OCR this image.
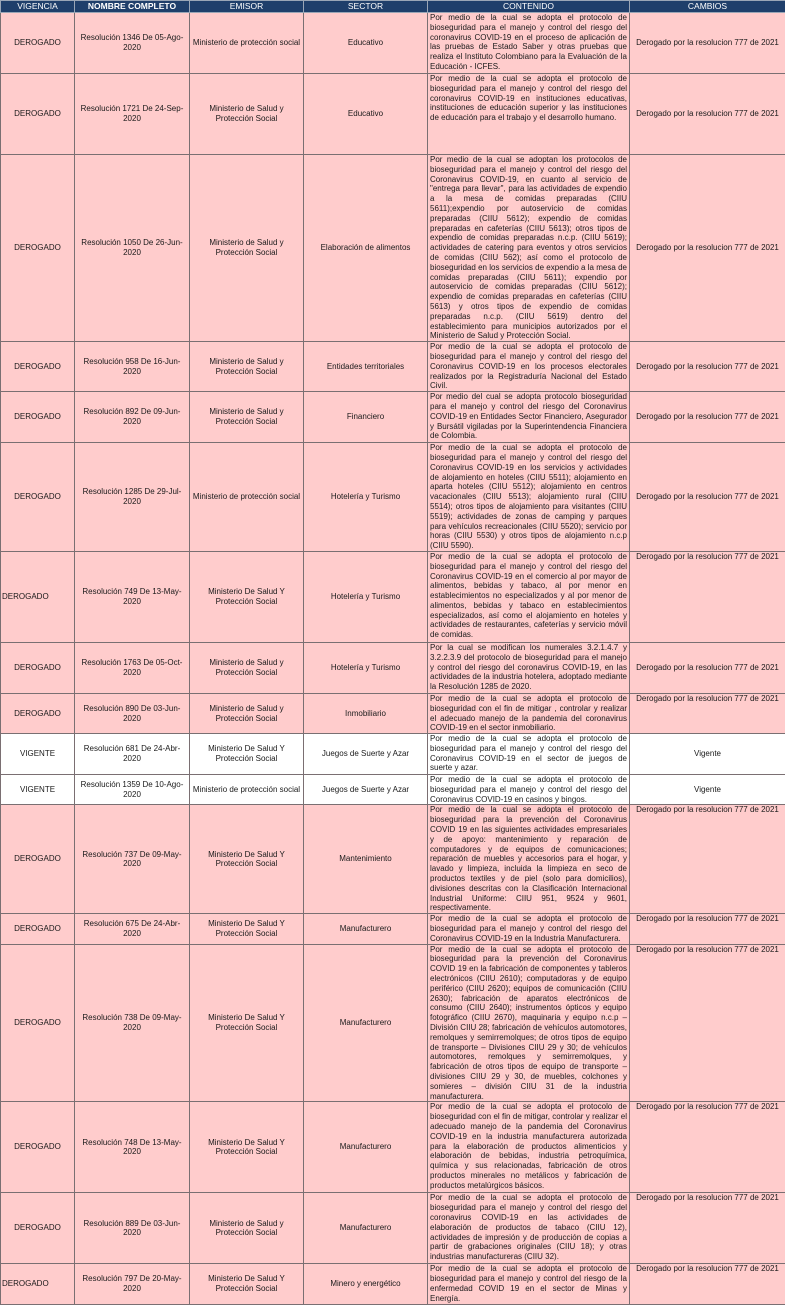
VIGENCIA	NOMBRE COMPLETO	EMISOR	SECTOR	CONTENIDO	CAMBIOS
DEROGADO	Resolución 1346 De 05-Ago-2020	Ministerio de protección social	Educativo	Por medio de la cual se adopta el protocolo de bioseguridad para el manejo y control del riesgo del coronavirus COVID-19 en el proceso de aplicación de las pruebas de Estado Saber y otras pruebas que realiza el Instituto Colombiano para la Evaluación de la Educación - ICFES.	Derogado por la resolucion 777 de 2021
DEROGADO	Resolución 1721 De 24-Sep-2020	Ministerio de Salud y Protección Social	Educativo	Por medio de la cual se adopta el protocolo de bioseguridad para el manejo y control del riesgo del coronavirus COVID-19 en instituciones educativas, instituciones de educación superior y las instituciones de educación para el trabajo y el desarrollo humano.	Derogado por la resolucion 777 de 2021
DEROGADO	Resolución 1050 De 26-Jun-2020	Ministerio de Salud y Protección Social	Elaboración de alimentos	Por medio de la cual se adoptan los protocolos de bioseguridad para el manejo y control del riesgo del Coronavirus COVID-19, en cuanto al servicio de "entrega para llevar", para las actividades de expendio a la mesa de comidas preparadas (CIIU 5611);expendio por autoservicio de comidas preparadas (CIIU 5612); expendio de comidas preparadas en cafeterías (CIIU 5613); otros tipos de expendio de comidas preparadas n.c.p. (CIIU 5619); actividades de catering para eventos y otros servicios de comidas (CIIU 562); así como el protocolo de bioseguridad en los servicios de expendio a la mesa de comidas preparadas (CIIU 5611); expendio por autoservicio de comidas preparadas (CIIU 5612); expendio de comidas preparadas en cafeterías (CIIU 5613) y otros tipos de expendio de comidas preparadas n.c.p. (CIIU 5619) dentro del establecimiento para municipios autorizados por el Ministerio de Salud y Protección Social.	Derogado por la resolucion 777 de 2021
DEROGADO	Resolución 958 De 16-Jun-2020	Ministerio de Salud y Protección Social	Entidades territoriales	Por medio de la cual se adopta el protocolo de bioseguridad para el manejo y control del riesgo del Coronavirus COVID-19 en los procesos electorales realizados por la Registraduría Nacional del Estado Civil.	Derogado por la resolucion 777 de 2021
DEROGADO	Resolución 892 De 09-Jun-2020	Ministerio de Salud y Protección Social	Financiero	Por medio del cual se adopta protocolo bioseguridad para el manejo y control del riesgo del Coronavirus COVID-19 en Entidades Sector Financiero, Asegurador y Bursátil vigiladas por la Superintendencia Financiera de Colombia.	Derogado por la resolucion 777 de 2021
DEROGADO	Resolución 1285 De 29-Jul-2020	Ministerio de protección social	Hotelería y Turismo	Por medio de la cual se adopta el protocolo de bioseguridad para el manejo y control del riesgo del Coronavirus COVID-19 en los servicios y actividades de alojamiento en hoteles (CIIU 5511); alojamiento en aparta hoteles (CIIU 5512); alojamiento en centros vacacionales (CIIU 5513); alojamiento rural (CIIU 5514); otros tipos de alojamiento para visitantes (CIIU 5519); actividades de zonas de camping y parques para vehículos recreacionales (CIIU 5520); servicio por horas (CIIU 5530) y otros tipos de alojamiento n.c.p (CIIU 5590).	Derogado por la resolucion 777 de 2021
DEROGADO	Resolución 749 De 13-May-2020	Ministerio De Salud Y Protección Social	Hotelería y Turismo	Por medio de la cual se adopta el protocolo de bioseguridad para el manejo y control del riesgo del Coronavirus COVID-19 en el comercio al por mayor de alimentos, bebidas y tabaco, al por menor en establecimientos no especializados y al por menor de alimentos, bebidas y tabaco en establecimientos especializados, así como el alojamiento en hoteles y actividades de restaurantes, cafeterías y servicio móvil de comidas.	Derogado por la resolucion 777 de 2021
DEROGADO	Resolución 1763 De 05-Oct-2020	Ministerio de Salud y Protección Social	Hotelería y Turismo	Por la cual se modifican los numerales 3.2.1.4.7 y 3.2.2.3.9 del protocolo de bioseguridad para el manejo y control del riesgo del coronavirus COVID-19, en las actividades de la industria hotelera, adoptado mediante la Resolución 1285 de 2020.	Derogado por la resolucion 777 de 2021
DEROGADO	Resolución 890 De 03-Jun-2020	Ministerio de Salud y Protección Social	Inmobiliario	Por medio de la cual se adopta el protocolo de bioseguridad con el fin de mitigar , controlar y realizar el adecuado manejo de la pandemia del coronavirus COVID-19 en el sector inmobiliario.	Derogado por la resolucion 777 de 2021
VIGENTE	Resolución 681 De 24-Abr-2020	Ministerio De Salud Y Protección Social	Juegos de Suerte y Azar	Por medio de la cual se adopta el protocolo de bioseguridad para el manejo y control del riesgo del Coronavirus COVID-19 en el sector de juegos de suerte y azar.	Vigente
VIGENTE	Resolución 1359 De 10-Ago-2020	Ministerio de protección social	Juegos de Suerte y Azar	Por medio de la cual se adopta el protocolo de bioseguridad para el manejo y control del riesgo del Coronavirus COVID-19 en casinos y bingos.	Vigente
DEROGADO	Resolución 737 De 09-May-2020	Ministerio De Salud Y Protección Social	Mantenimiento	Por medio de la cual se adopta el protocolo de bioseguridad para la prevención del Coronavirus COVID 19 en las siguientes actividades empresariales y de apoyo: mantenimiento y reparación de computadores y de equipos de comunicaciones; reparación de muebles y accesorios para el hogar, y lavado y limpieza, incluida la limpieza en seco de productos textiles y de piel (solo para domicilios), divisiones descritas con la Clasificación Internacional Industrial Uniforme: CIIU 951, 9524 y 9601, respectivamente.	Derogado por la resolucion 777 de 2021
DEROGADO	Resolución 675 De 24-Abr-2020	Ministerio De Salud Y Protección Social	Manufacturero	Por medio de la cual se adopta el protocolo de bioseguridad para el manejo y control del riesgo del Coronavirus COVID-19 en la Industria Manufacturera.	Derogado por la resolucion 777 de 2021
DEROGADO	Resolución 738 De 09-May-2020	Ministerio De Salud Y Protección Social	Manufacturero	Por medio de la cual se adopta el protocolo de bioseguridad para la prevención del Coronavirus COVID 19 en la fabricación de componentes y tableros electrónicos (CIIU 2610); computadoras y de equipo periférico (CIIU 2620); equipos de comunicación (CIIU 2630); fabricación de aparatos electrónicos de consumo (CIIU 2640); instrumentos ópticos y equipo fotográfico (CIIU 2670), maquinaria y equipo n.c.p – División CIIU 28; fabricación de vehículos automotores, remolques y semirremolques; de otros tipos de equipo de transporte – Divisiones CIIU 29 y 30; de vehículos automotores, remolques y semirremolques, y fabricación de otros tipos de equipo de transporte – divisiones CIIU 29 y 30, de muebles, colchones y somieres – división CIIU 31 de la industria manufacturera.	Derogado por la resolucion 777 de 2021
DEROGADO	Resolución 748 De 13-May-2020	Ministerio De Salud Y Protección Social	Manufacturero	Por medio de la cual se adopta el protocolo de bioseguridad con el fin de mitigar, controlar y realizar el adecuado manejo de la pandemia del Coronavirus COVID-19 en la industria manufacturera autorizada para la elaboración de productos alimenticios y elaboración de bebidas, industria petroquímica, química y sus relacionadas, fabricación de otros productos minerales no metálicos y fabricación de productos metalúrgicos básicos.	Derogado por la resolucion 777 de 2021
DEROGADO	Resolución 889 De 03-Jun-2020	Ministerio de Salud y Protección Social	Manufacturero	Por medio de la cual se adopta el protocolo de bioseguridad para el manejo y control del riesgo del coronavirus COVID-19 en las actividades de elaboración de productos de tabaco (CIIU 12), actividades de impresión y de producción de copias a partir de grabaciones originales (CIIU 18); y otras industrias manufactureras (CIIU 32).	Derogado por la resolucion 777 de 2021
DEROGADO	Resolución 797 De 20-May-2020	Ministerio De Salud Y Protección Social	Minero y energético	Por medio de la cual se adopta el protocolo de bioseguridad para el manejo y control del riesgo de la enfermedad COVID 19 en el sector de Minas y Energía.	Derogado por la resolucion 777 de 2021
